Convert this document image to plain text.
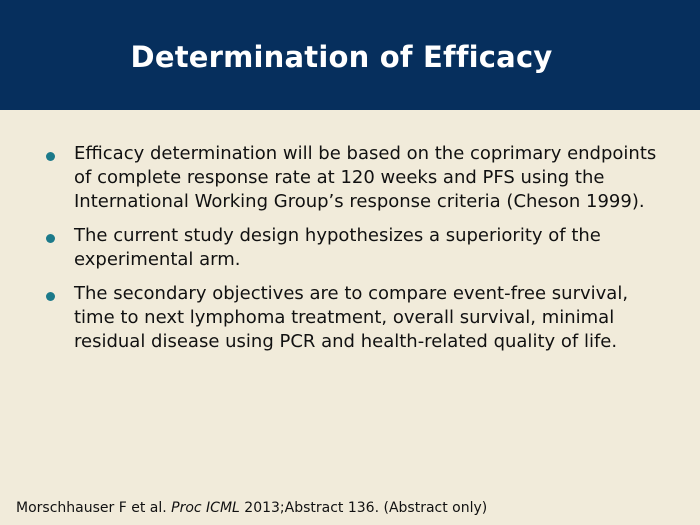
Determination of Efficacy
Efficacy determination will be based on the coprimary endpoints of complete response rate at 120 weeks and PFS using the International Working Group’s response criteria (Cheson 1999).
The current study design hypothesizes a superiority of the experimental arm.
The secondary objectives are to compare event-free survival, time to next lymphoma treatment, overall survival, minimal residual disease using PCR and health-related quality of life.
Morschhauser F et al. Proc ICML 2013;Abstract 136. (Abstract only)
